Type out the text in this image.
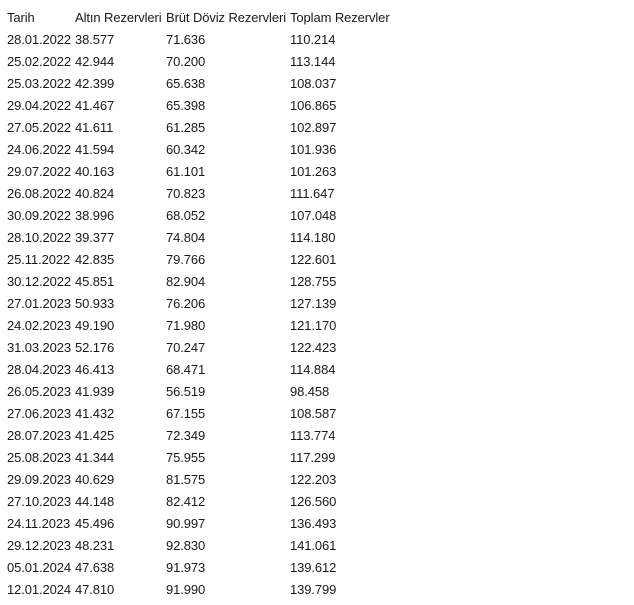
Tarih	Altın Rezervleri	Brüt Döviz Rezervleri	Toplam Rezervler
28.01.2022	38.577	71.636	110.214
25.02.2022	42.944	70.200	113.144
25.03.2022	42.399	65.638	108.037
29.04.2022	41.467	65.398	106.865
27.05.2022	41.611	61.285	102.897
24.06.2022	41.594	60.342	101.936
29.07.2022	40.163	61.101	101.263
26.08.2022	40.824	70.823	111.647
30.09.2022	38.996	68.052	107.048
28.10.2022	39.377	74.804	114.180
25.11.2022	42.835	79.766	122.601
30.12.2022	45.851	82.904	128.755
27.01.2023	50.933	76.206	127.139
24.02.2023	49.190	71.980	121.170
31.03.2023	52.176	70.247	122.423
28.04.2023	46.413	68.471	114.884
26.05.2023	41.939	56.519	98.458
27.06.2023	41.432	67.155	108.587
28.07.2023	41.425	72.349	113.774
25.08.2023	41.344	75.955	117.299
29.09.2023	40.629	81.575	122.203
27.10.2023	44.148	82.412	126.560
24.11.2023	45.496	90.997	136.493
29.12.2023	48.231	92.830	141.061
05.01.2024	47.638	91.973	139.612
12.01.2024	47.810	91.990	139.799
